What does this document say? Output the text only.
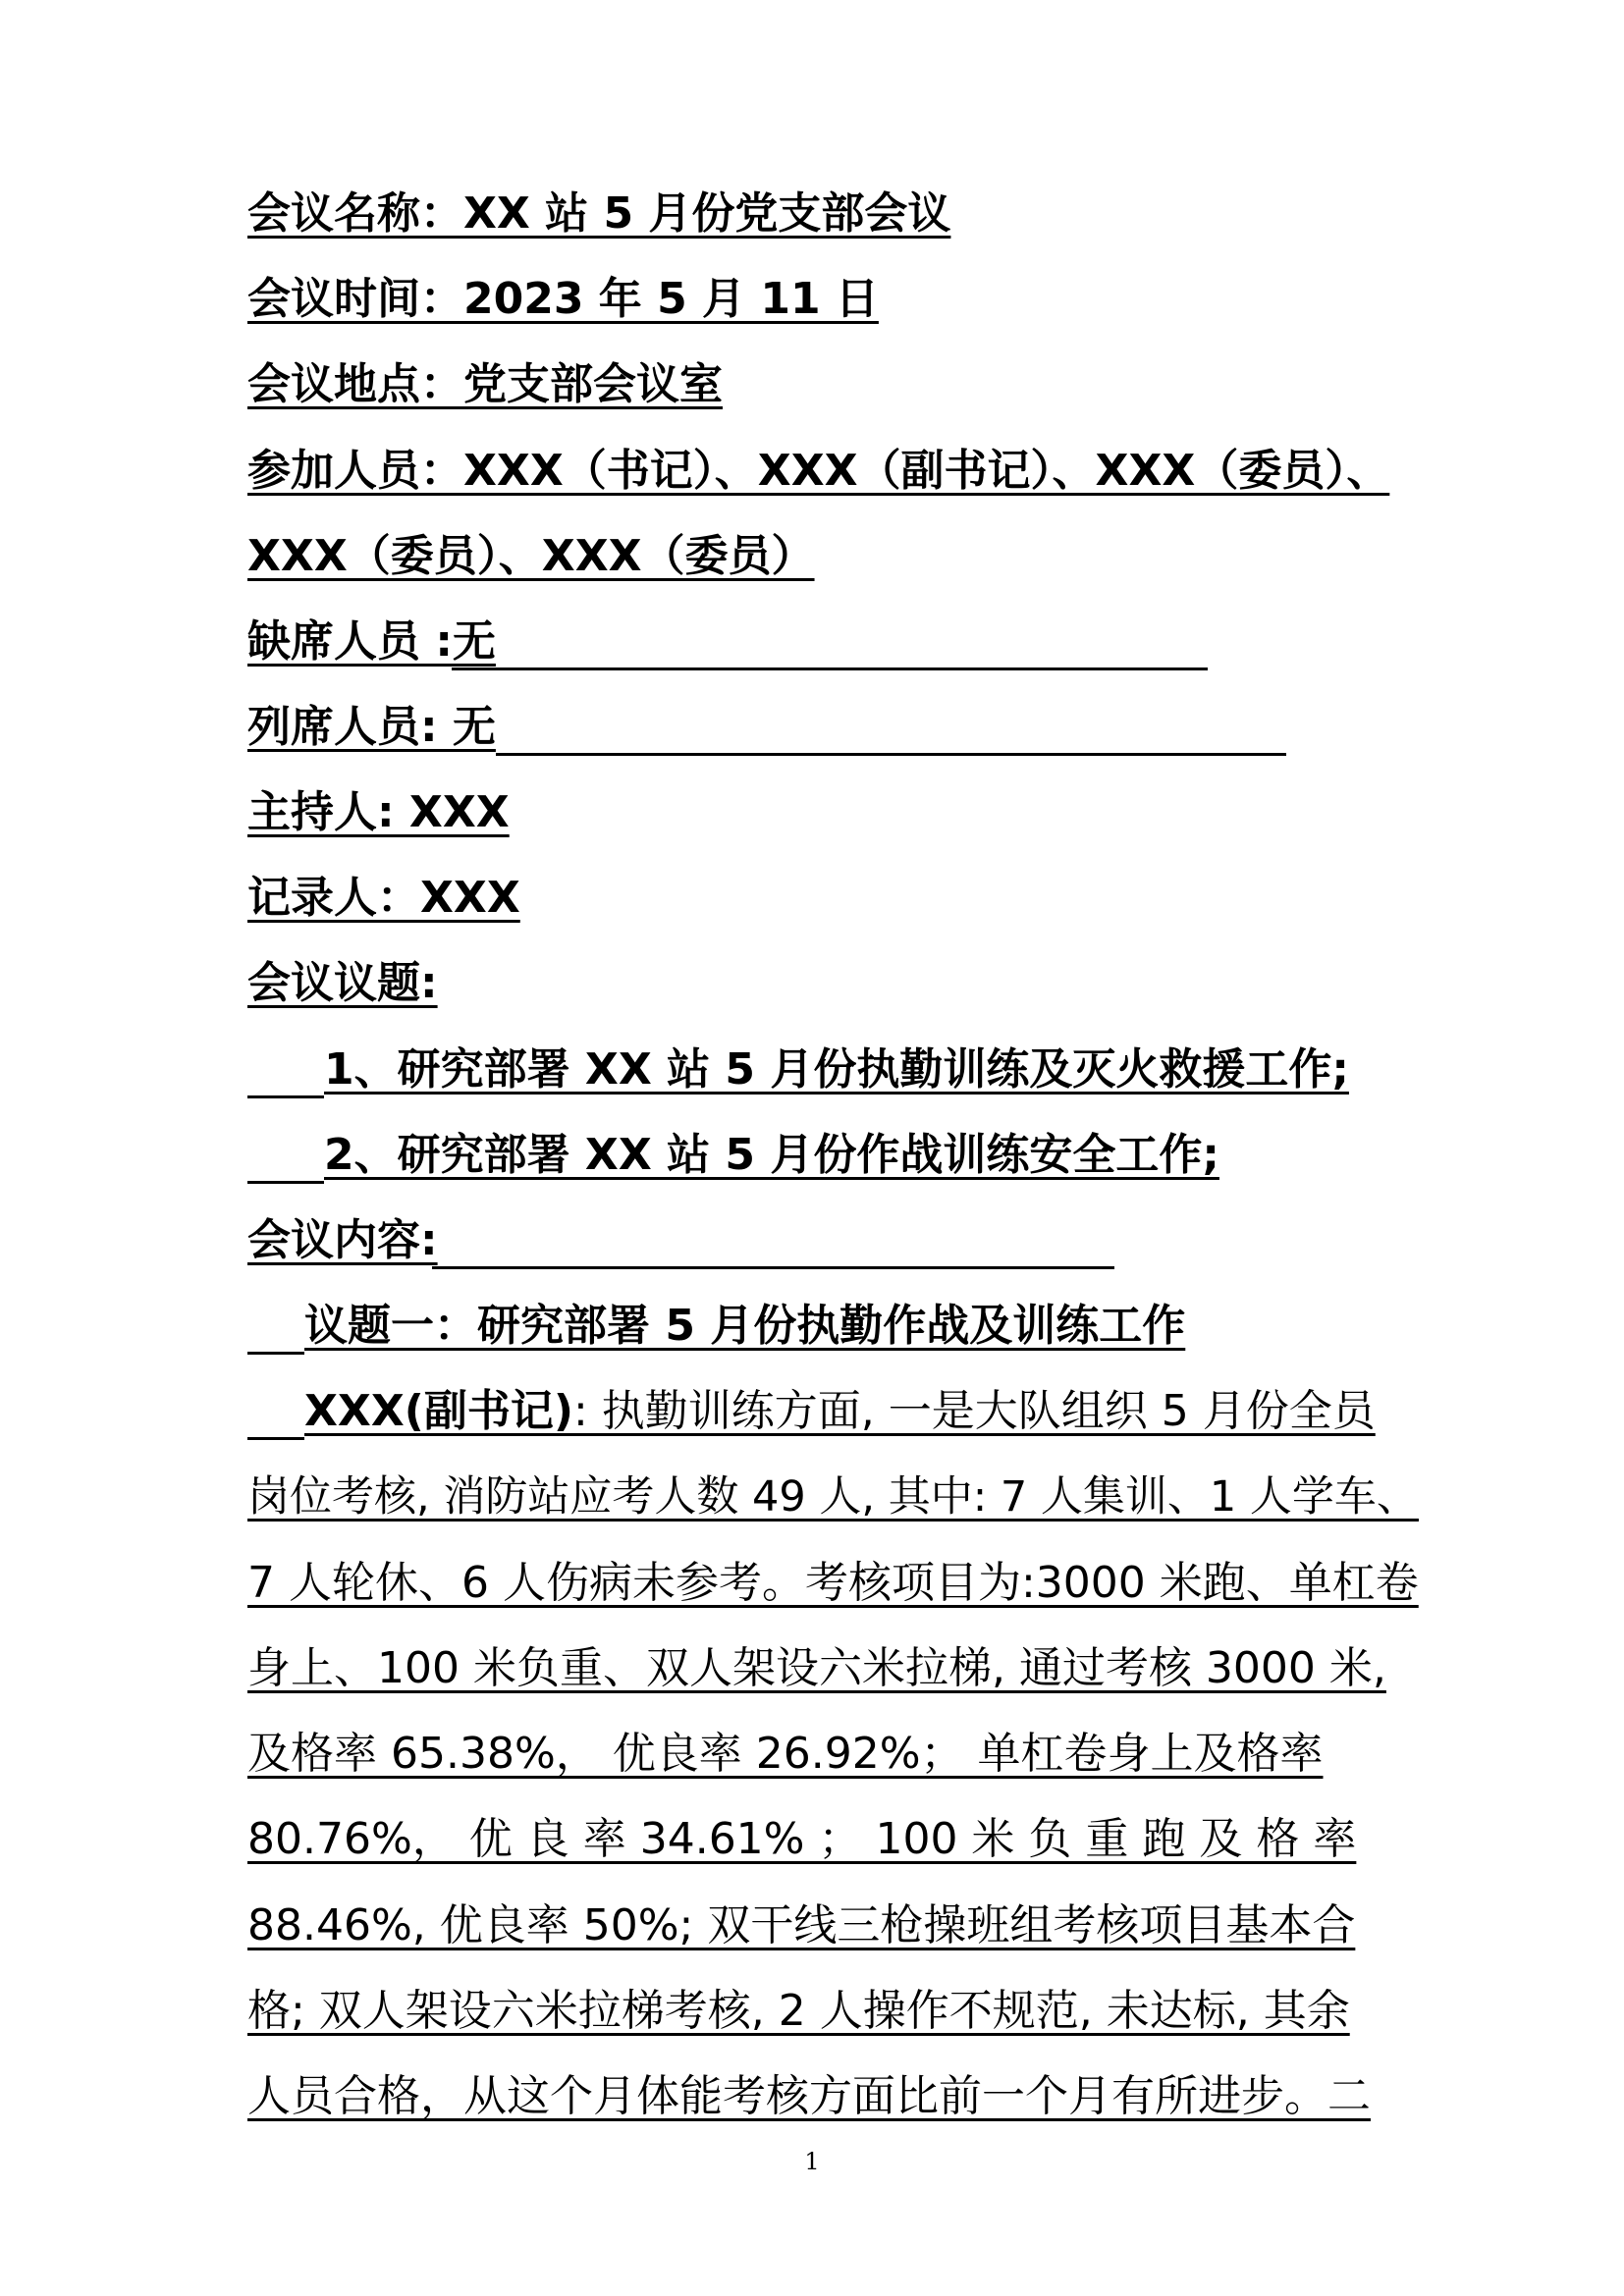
会议名称：XX 站 5 月份党支部会议
会议时间：2023 年 5 月 11 日
会议地点：党支部会议室
参加人员：XXX（书记）、XXX（副书记）、XXX（委员）、
XXX（委员）、XXX（委员）
缺席人员 :无
列席人员: 无
主持人: XXX
记录人：XXX
会议议题:
1、研究部署 XX 站 5 月份执勤训练及灭火救援工作;
2、研究部署 XX 站 5 月份作战训练安全工作;
会议内容:
议题一：研究部署 5 月份执勤作战及训练工作
XXX(副书记): 执勤训练方面, 一是大队组织 5 月份全员
岗位考核, 消防站应考人数 49 人, 其中: 7 人集训、1 人学车、
7 人轮休、6 人伤病未参考。考核项目为:3000 米跑、单杠卷
身上、100 米负重、双人架设六米拉梯, 通过考核 3000 米,
及格率 65.38%， 优良率 26.92%； 单杠卷身上及格率
80.76%， 优 良 率 34.61% ； 100 米 负 重 跑 及 格 率
88.46%, 优良率 50%; 双干线三枪操班组考核项目基本合
格; 双人架设六米拉梯考核, 2 人操作不规范, 未达标, 其余
人员合格，从这个月体能考核方面比前一个月有所进步。二
1
